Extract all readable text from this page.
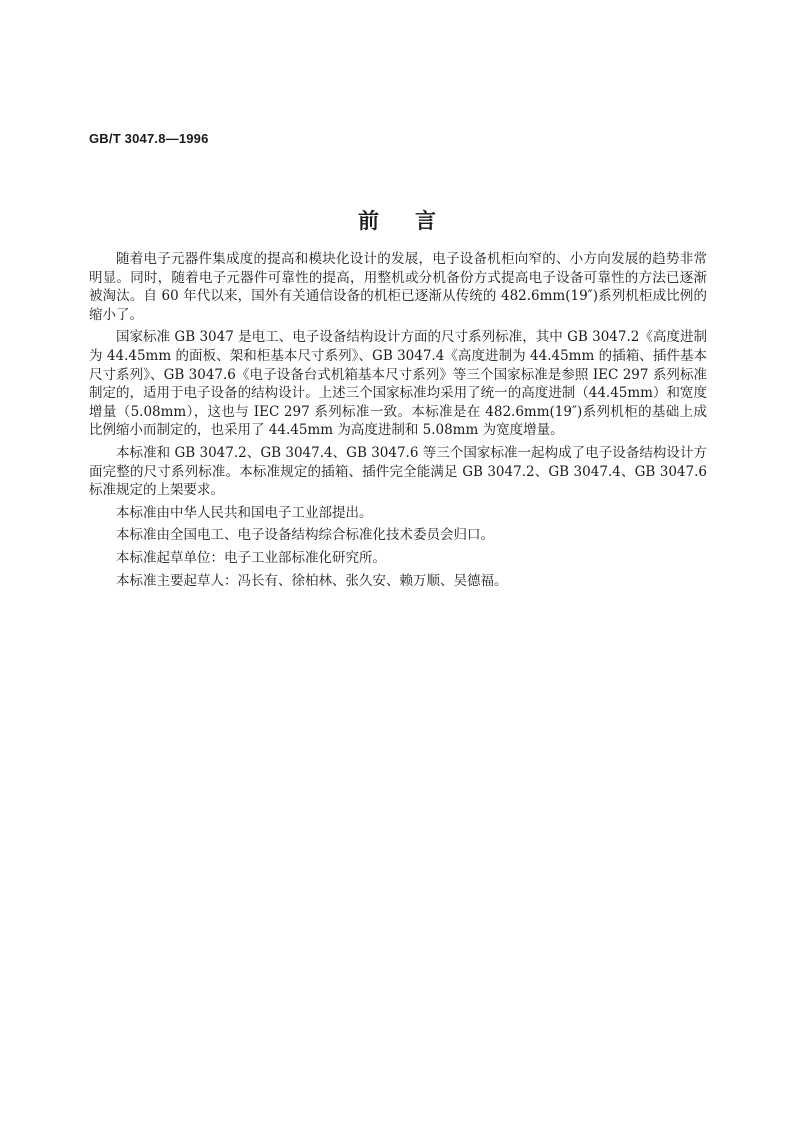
GB/T 3047.8—1996
前言

随着电子元器件集成度的提高和模块化设计的发展，电子设备机柜向窄的、小方向发展的趋势非常明显。同时，随着电子元器件可靠性的提高，用整机或分机备份方式提高电子设备可靠性的方法已逐渐被淘汰。自 60 年代以来，国外有关通信设备的机柜已逐渐从传统的 482.6mm(19″)系列机柜成比例的缩小了。

国家标准 GB 3047 是电工、电子设备结构设计方面的尺寸系列标准，其中 GB 3047.2《高度进制为 44.45mm 的面板、架和柜基本尺寸系列》、GB 3047.4《高度进制为 44.45mm 的插箱、插件基本尺寸系列》、GB 3047.6《电子设备台式机箱基本尺寸系列》等三个国家标准是参照 IEC 297 系列标准制定的，适用于电子设备的结构设计。上述三个国家标准均采用了统一的高度进制（44.45mm）和宽度增量（5.08mm），这也与 IEC 297 系列标准一致。本标准是在 482.6mm(19″)系列机柜的基础上成比例缩小而制定的，也采用了 44.45mm 为高度进制和 5.08mm 为宽度增量。

本标准和 GB 3047.2、GB 3047.4、GB 3047.6 等三个国家标准一起构成了电子设备结构设计方面完整的尺寸系列标准。本标准规定的插箱、插件完全能满足 GB 3047.2、GB 3047.4、GB 3047.6 标准规定的上架要求。

本标准由中华人民共和国电子工业部提出。

本标准由全国电工、电子设备结构综合标准化技术委员会归口。

本标准起草单位：电子工业部标准化研究所。

本标准主要起草人：冯长有、徐柏林、张久安、赖万顺、吴德福。
